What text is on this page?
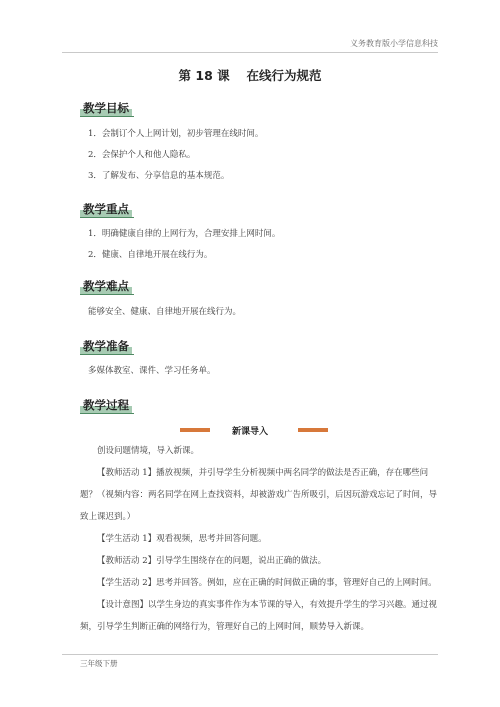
义务教育版小学信息科技
第 18 课　 在线行为规范
教学目标
1．会制订个人上网计划，初步管理在线时间。
2．会保护个人和他人隐私。
3．了解发布、分享信息的基本规范。
教学重点
1．明确健康自律的上网行为，合理安排上网时间。
2．健康、自律地开展在线行为。
教学难点
能够安全、健康、自律地开展在线行为。
教学准备
多媒体教室、课件、学习任务单。
教学过程
新课导入
创设问题情境，导入新课。
【教师活动 1】播放视频，并引导学生分析视频中两名同学的做法是否正确，存在哪些问题？（视频内容：两名同学在网上查找资料，却被游戏广告所吸引，后因玩游戏忘记了时间，导致上课迟到。）
【学生活动 1】观看视频，思考并回答问题。
【教师活动 2】引导学生围绕存在的问题，说出正确的做法。
【学生活动 2】思考并回答。例如，应在正确的时间做正确的事，管理好自己的上网时间。
【设计意图】以学生身边的真实事件作为本节课的导入，有效提升学生的学习兴趣。通过视频，引导学生判断正确的网络行为，管理好自己的上网时间，顺势导入新课。
三年级下册
